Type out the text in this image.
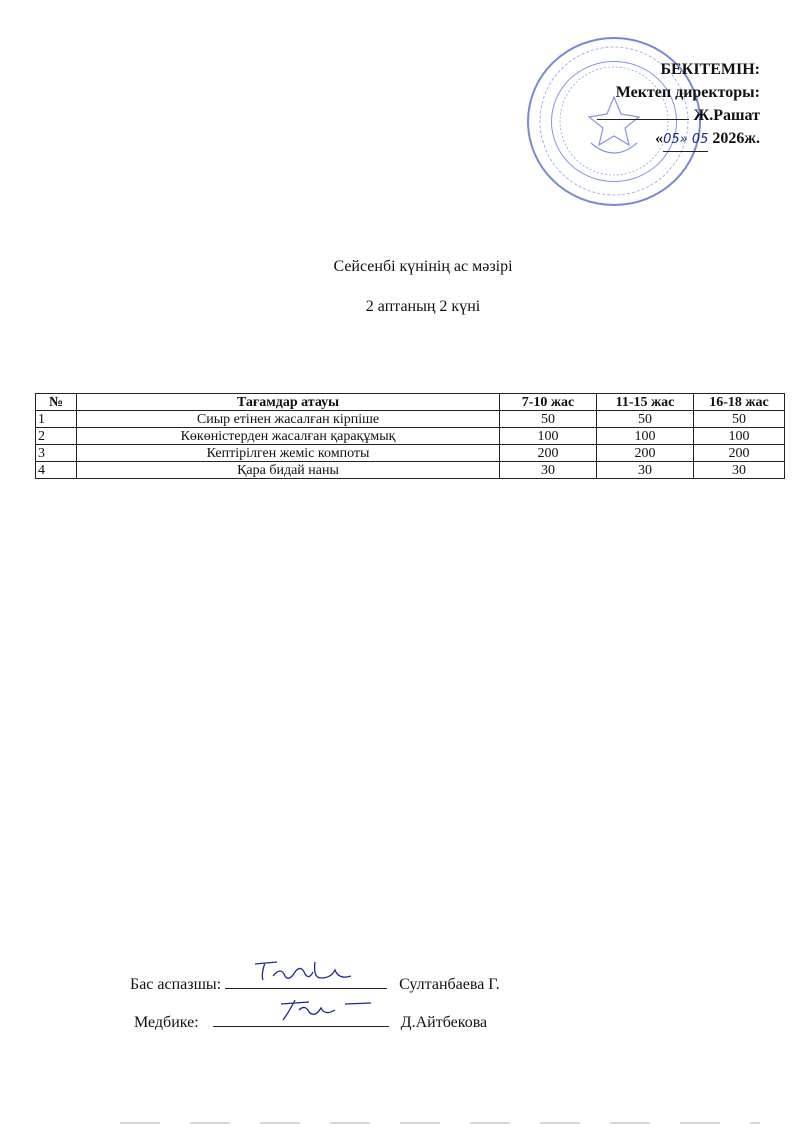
БЕКІТЕМІН:
Мектеп директоры:
Ж.Рашат
«05» 05 2026ж.
Сейсенбі күнінің ас мәзірі
2 аптаның 2 күні
№	Тағамдар атауы	7-10 жас	11-15 жас	16-18 жас
1	Сиыр етінен жасалған кірпіше	50	50	50
2	Көкөністерден жасалған қарақұмық	100	100	100
3	Кептірілген жеміс компоты	200	200	200
4	Қара бидай наны	30	30	30
Бас аспазшы:	Султанбаева Г.
Медбике:	Д.Айтбекова
